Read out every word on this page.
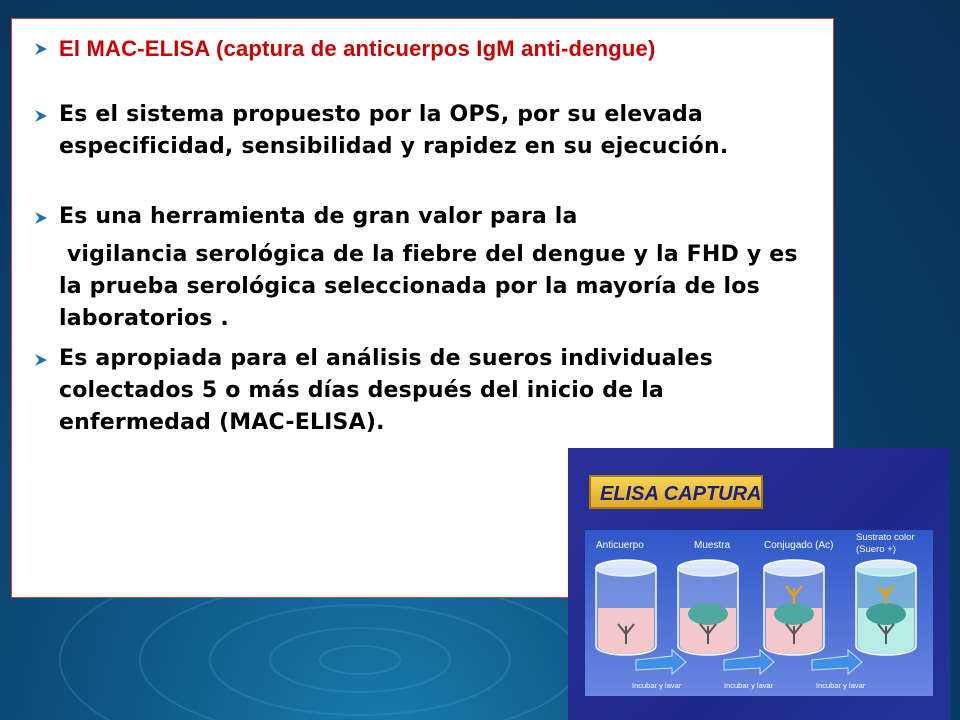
El MAC-ELISA (captura de anticuerpos IgM anti-dengue)
Es el sistema propuesto por la OPS, por su elevada especificidad, sensibilidad y rapidez en su ejecución.
Es una herramienta de gran valor para la
vigilancia serológica de la fiebre del dengue y la FHD y es la prueba serológica seleccionada por la mayoría de los laboratorios .
Es apropiada para el análisis de sueros individuales colectados 5 o más días después del inicio de la enfermedad (MAC-ELISA).
ELISA CAPTURA
Anticuerpo	Muestra	Conjugado (Ac)
Sustrato color
(Suero +)
Incubar y lavar	Incubar y lavar	Incubar y lavar
